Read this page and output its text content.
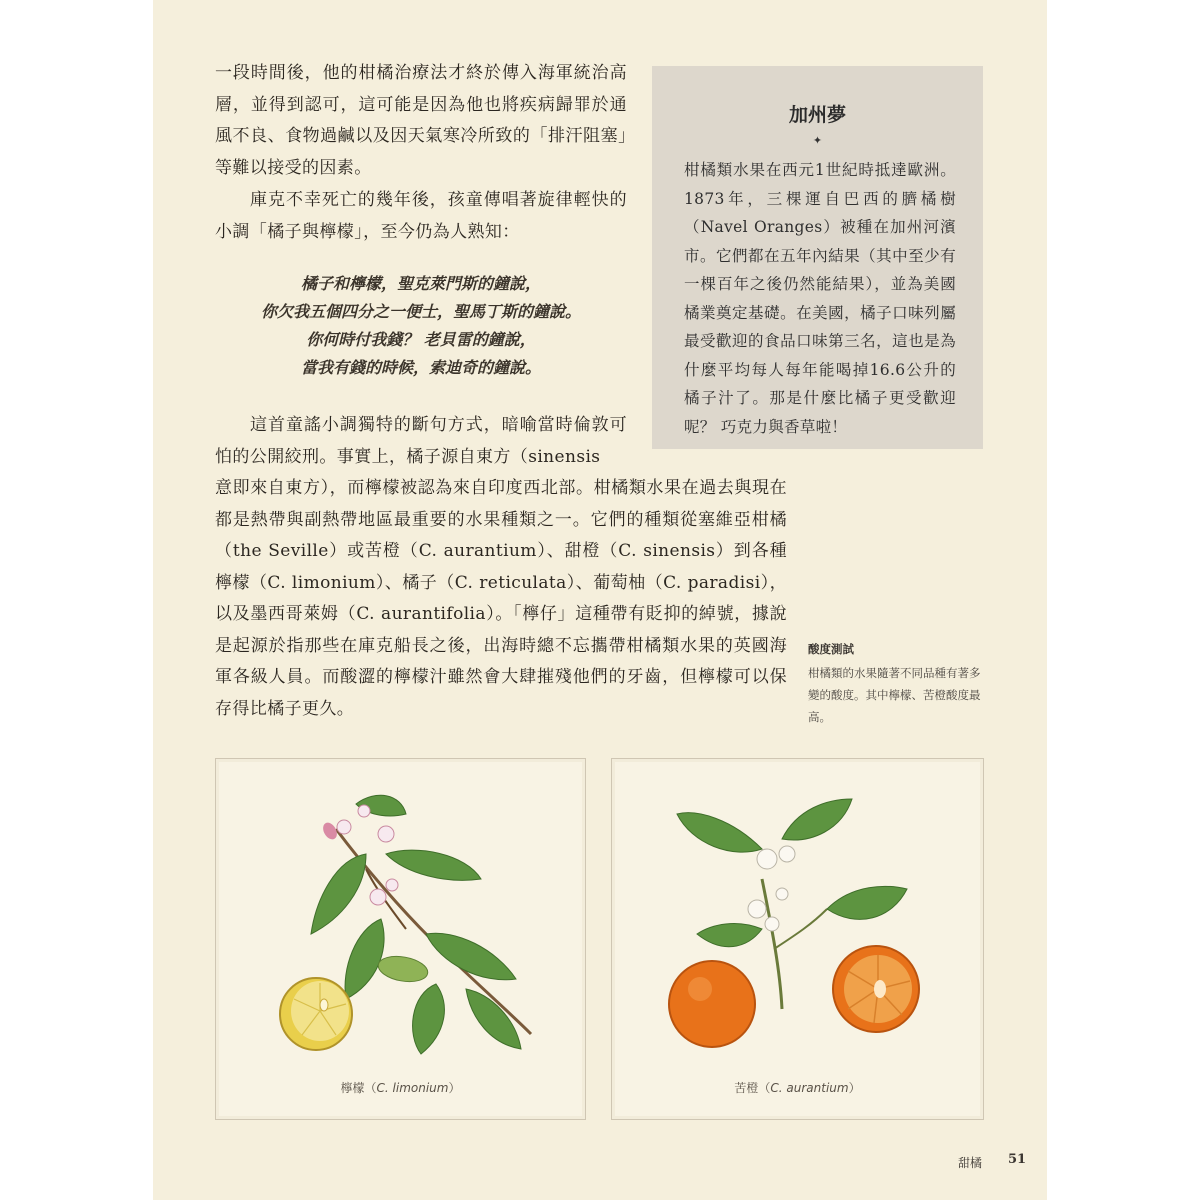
一段時間後，他的柑橘治療法才終於傳入海軍統治高層，並得到認可，這可能是因為他也將疾病歸罪於通風不良、食物過鹹以及因天氣寒冷所致的「排汗阻塞」等難以接受的因素。

庫克不幸死亡的幾年後，孩童傳唱著旋律輕快的小調「橘子與檸檬」，至今仍為人熟知：

橘子和檸檬，聖克萊門斯的鐘說，
你欠我五個四分之一便士，聖馬丁斯的鐘說。
你何時付我錢？ 老貝雷的鐘說，
當我有錢的時候，索迪奇的鐘說。

這首童謠小調獨特的斷句方式，暗喻當時倫敦可怕的公開絞刑。事實上，橘子源自東方（sinensis

意即來自東方），而檸檬被認為來自印度西北部。柑橘類水果在過去與現在都是熱帶與副熱帶地區最重要的水果種類之一。它們的種類從塞維亞柑橘（the Seville）或苦橙（C. aurantium）、甜橙（C. sinensis）到各種檸檬（C. limonium）、橘子（C. reticulata）、葡萄柚（C. paradisi），以及墨西哥萊姆（C. aurantifolia）。「檸仔」這種帶有貶抑的綽號，據說是起源於指那些在庫克船長之後，出海時總不忘攜帶柑橘類水果的英國海軍各級人員。而酸澀的檸檬汁雖然會大肆摧殘他們的牙齒，但檸檬可以保存得比橘子更久。

加州夢
✦
柑橘類水果在西元1世紀時抵達歐洲。1873年，三棵運自巴西的臍橘樹（Navel Oranges）被種在加州河濱市。它們都在五年內結果（其中至少有一棵百年之後仍然能結果），並為美國橘業奠定基礎。在美國，橘子口味列屬最受歡迎的食品口味第三名，這也是為什麼平均每人每年能喝掉16.6公升的橘子汁了。那是什麼比橘子更受歡迎呢？ 巧克力與香草啦！
酸度測試
柑橘類的水果隨著不同品種有著多變的酸度。其中檸檬、苦橙酸度最高。
檸檬（C. limonium）	苦橙（C. aurantium）
甜橘 51
